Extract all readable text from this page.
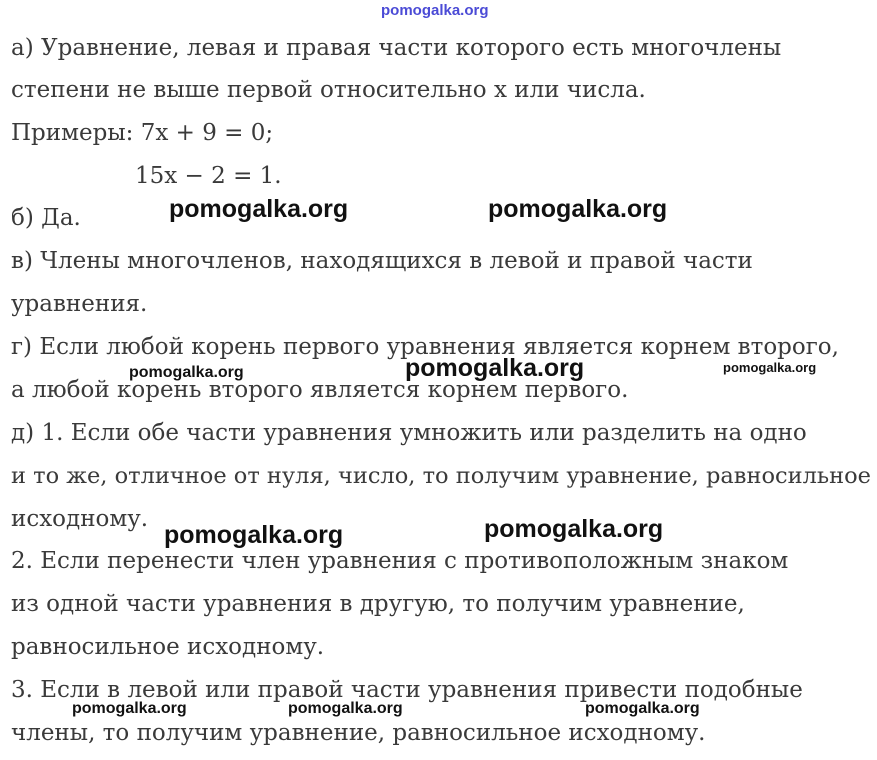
pomogalka.org
а) Уравнение, левая и правая части которого есть многочлены
степени не выше первой относительно x или числа.
Примеры: 7x + 9 = 0;
15x − 2 = 1.
б) Да.
в) Члены многочленов, находящихся в левой и правой части
уравнения.
г) Если любой корень первого уравнения является корнем второго,
а любой корень второго является корнем первого.
д) 1. Если обе части уравнения умножить или разделить на одно
и то же, отличное от нуля, число, то получим уравнение, равносильное
исходному.
2. Если перенести член уравнения с противоположным знаком
из одной части уравнения в другую, то получим уравнение,
равносильное исходному.
3. Если в левой или правой части уравнения привести подобные
члены, то получим уравнение, равносильное исходному.
pomogalka.org	pomogalka.org
pomogalka.org	pomogalka.org	pomogalka.org
pomogalka.org	pomogalka.org
pomogalka.org	pomogalka.org	pomogalka.org
